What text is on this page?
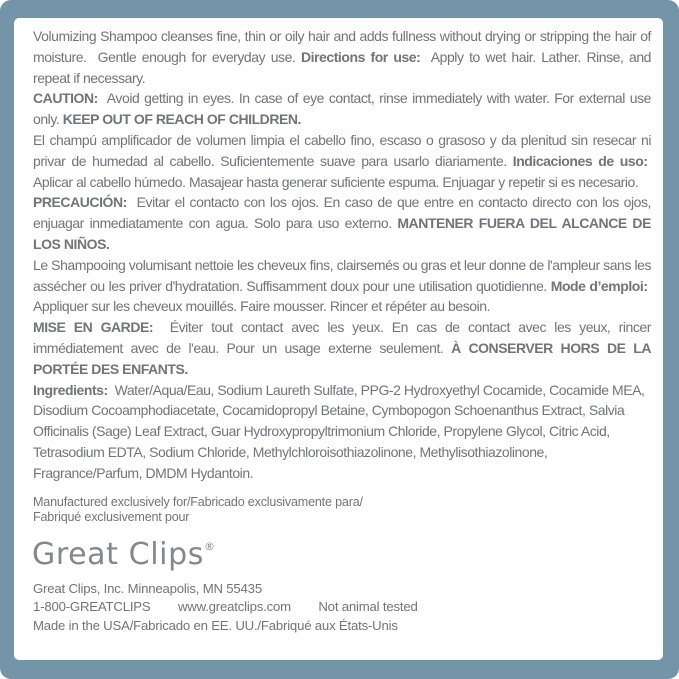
Volumizing Shampoo cleanses fine, thin or oily hair and adds fullness without drying or stripping the hair of moisture.  Gentle enough for everyday use. Directions for use:  Apply to wet hair. Lather. Rinse, and repeat if necessary.

CAUTION:  Avoid getting in eyes. In case of eye contact, rinse immediately with water. For external use only. KEEP OUT OF REACH OF CHILDREN.

El champú amplificador de volumen limpia el cabello fino, escaso o grasoso y da plenitud sin resecar ni privar de humedad al cabello. Suficientemente suave para usarlo diariamente. Indicaciones de uso:  Aplicar al cabello húmedo. Masajear hasta generar suficiente espuma. Enjuagar y repetir si es necesario.

PRECAUCIÓN:  Evitar el contacto con los ojos. En caso de que entre en contacto directo con los ojos, enjuagar inmediatamente con agua. Solo para uso externo. MANTENER FUERA DEL ALCANCE DE LOS NIÑOS.

Le Shampooing volumisant nettoie les cheveux fins, clairsemés ou gras et leur donne de l'ampleur sans les assécher ou les priver d'hydratation. Suffisamment doux pour une utilisation quotidienne. Mode d’emploi:  Appliquer sur les cheveux mouillés. Faire mousser. Rincer et répéter au besoin.

MISE EN GARDE:  Éviter tout contact avec les yeux. En cas de contact avec les yeux, rincer immédiatement avec de l'eau. Pour un usage externe seulement. À CONSERVER HORS DE LA PORTÉE DES ENFANTS.

Ingredients:  Water/Aqua/Eau, Sodium Laureth Sulfate, PPG-2 Hydroxyethyl Cocamide, Cocamide MEA, Disodium Cocoamphodiacetate, Cocamidopropyl Betaine, Cymbopogon Schoenanthus Extract, Salvia Officinalis (Sage) Leaf Extract, Guar Hydroxypropyltrimonium Chloride, Propylene Glycol, Citric Acid, Tetrasodium EDTA, Sodium Chloride, Methylchloroisothiazolinone, Methylisothiazolinone, Fragrance/Parfum, DMDM Hydantoin.

Manufactured exclusively for/Fabricado exclusivamente para/
Fabriqué exclusivement pour

Great Clips®

Great Clips, Inc. Minneapolis, MN 55435

1-800-GREATCLIPS www.greatclips.com Not animal tested

Made in the USA/Fabricado en EE. UU./Fabriqué aux États-Unis
